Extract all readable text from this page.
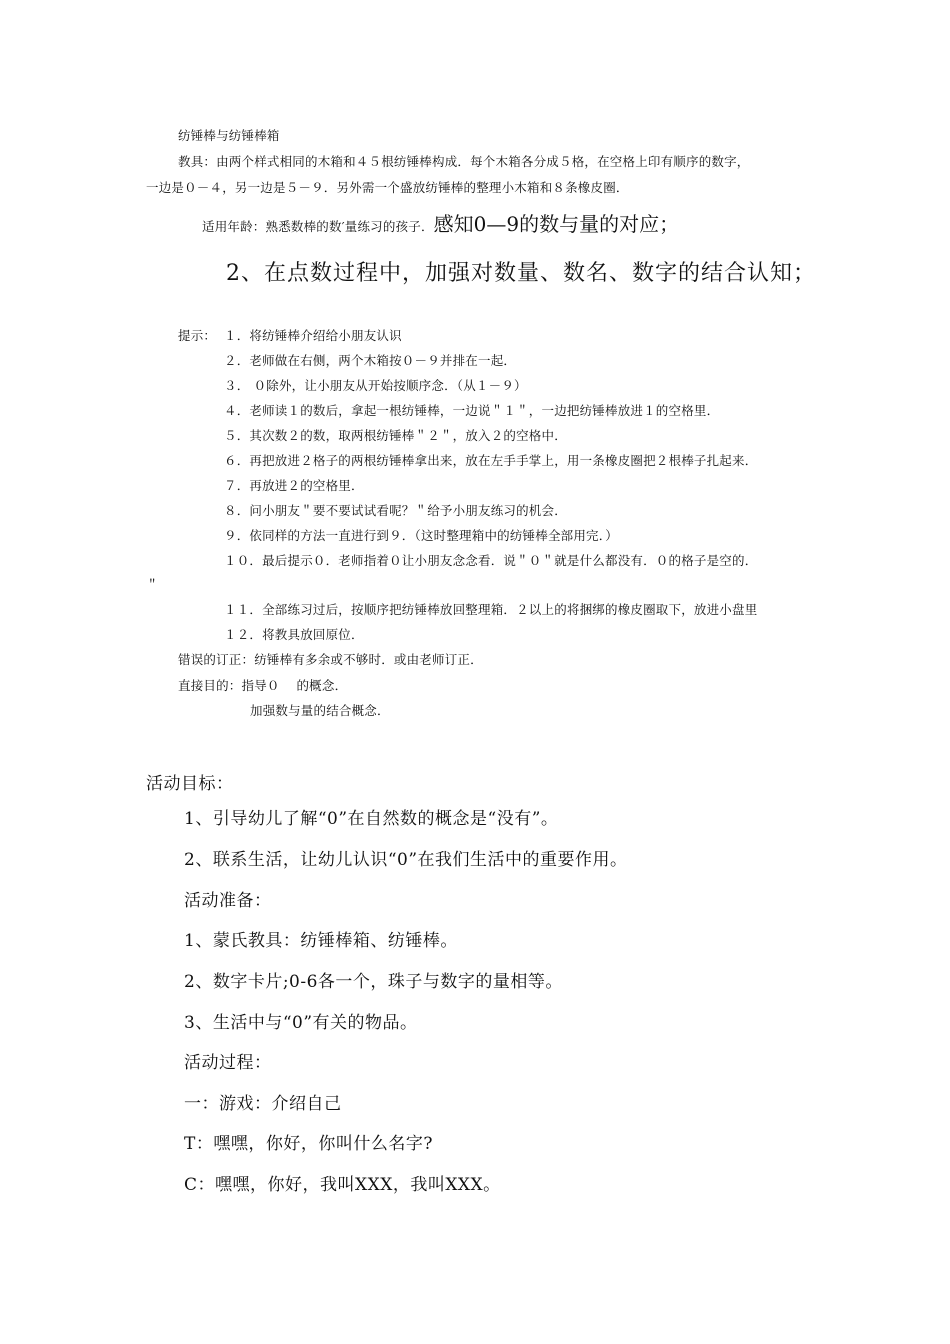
纺锤棒与纺锤棒箱
教具：由两个样式相同的木箱和４５根纺锤棒构成．每个木箱各分成５格，在空格上印有顺序的数字，
一边是０－４，另一边是５－９．另外需一个盛放纺锤棒的整理小木箱和８条橡皮圈．
适用年龄：熟悉数棒的数′量练习的孩子．感知0—9的数与量的对应；
2、在点数过程中，加强对数量、数名、数字的结合认知；
提示： １．将纺锤棒介绍给小朋友认识
２．老师做在右侧，两个木箱按０－９并排在一起．
３． ０除外，让小朋友从开始按顺序念．（从１－９）
４．老师读１的数后，拿起一根纺锤棒，一边说＂１＂，一边把纺锤棒放进１的空格里．
５．其次数２的数，取两根纺锤棒＂２＂，放入２的空格中．
６．再把放进２格子的两根纺锤棒拿出来，放在左手手掌上，用一条橡皮圈把２根棒子扎起来．
７．再放进２的空格里．
８．问小朋友＂要不要试试看呢？＂给予小朋友练习的机会．
９．依同样的方法一直进行到９．（这时整理箱中的纺锤棒全部用完．）
１０．最后提示０．老师指着０让小朋友念念看．说＂０＂就是什么都没有．０的格子是空的．
＂
１１．全部练习过后，按顺序把纺锤棒放回整理箱．２以上的将捆绑的橡皮圈取下，放进小盘里
１２．将教具放回原位．
错误的订正：纺锤棒有多余或不够时．或由老师订正．
直接目的：指导０　 的概念．
加强数与量的结合概念．
活动目标：
1、引导幼儿了解“0”在自然数的概念是“没有”。
2、联系生活，让幼儿认识“0”在我们生活中的重要作用。
活动准备：
1、蒙氏教具：纺锤棒箱、纺锤棒。
2、数字卡片;0-6各一个，珠子与数字的量相等。
3、生活中与“0”有关的物品。
活动过程：
一：游戏：介绍自己
T：嘿嘿，你好，你叫什么名字?
C：嘿嘿，你好，我叫XXX，我叫XXX。
